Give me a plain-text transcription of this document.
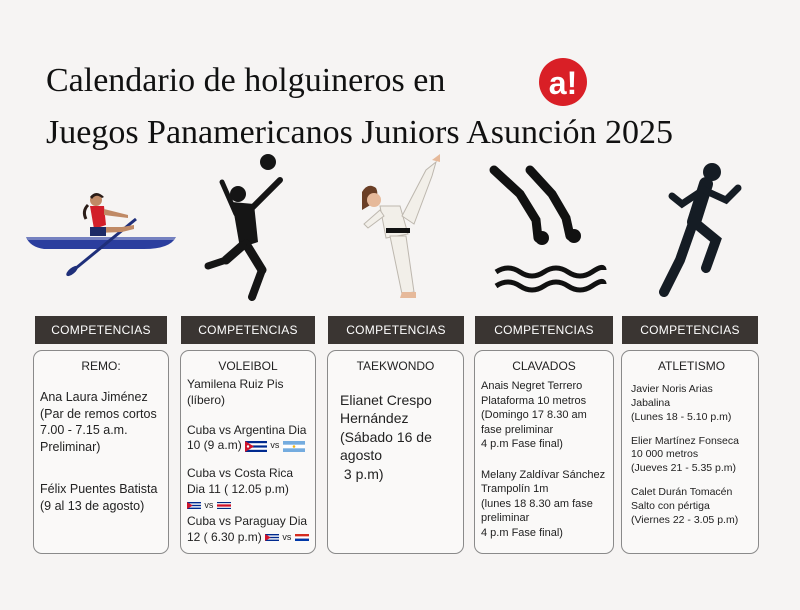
Calendario de holguineros en
Juegos Panamericanos Juniors Asunción 2025
a!
COMPETENCIAS	COMPETENCIAS	COMPETENCIAS	COMPETENCIAS	COMPETENCIAS
REMO:

Ana Laura Jiménez (Par de remos cortos 7.00 - 7.15 a.m. Preliminar)

Félix Puentes Batista (9 al 13 de agosto)

VOLEIBOL

Yamilena Ruiz Pis

(líbero)

Cuba vs Argentina Dia

10 (9 a.m)	vs

Cuba vs Costa Rica

Dia 11 ( 12.05 p.m)

vs

Cuba vs Paraguay Dia

12 ( 6.30 p.m) vs
TAEKWONDO

Elianet Crespo Hernández (Sábado 16 de agosto

3 p.m)

CLAVADOS

Anais Negret Terrero

Plataforma 10 metros

(Domingo 17 8.30 am fase preliminar

4 p.m Fase final)

Melany Zaldívar Sánchez

Trampolín 1m

(lunes 18 8.30 am fase preliminar

4 p.m Fase final)

ATLETISMO

Javier Noris Arias

Jabalina

(Lunes 18 - 5.10 p.m)

Elier Martínez Fonseca

10 000 metros

(Jueves 21 - 5.35 p.m)

Calet Durán Tomacén

Salto con pértiga

(Viernes 22 - 3.05 p.m)
